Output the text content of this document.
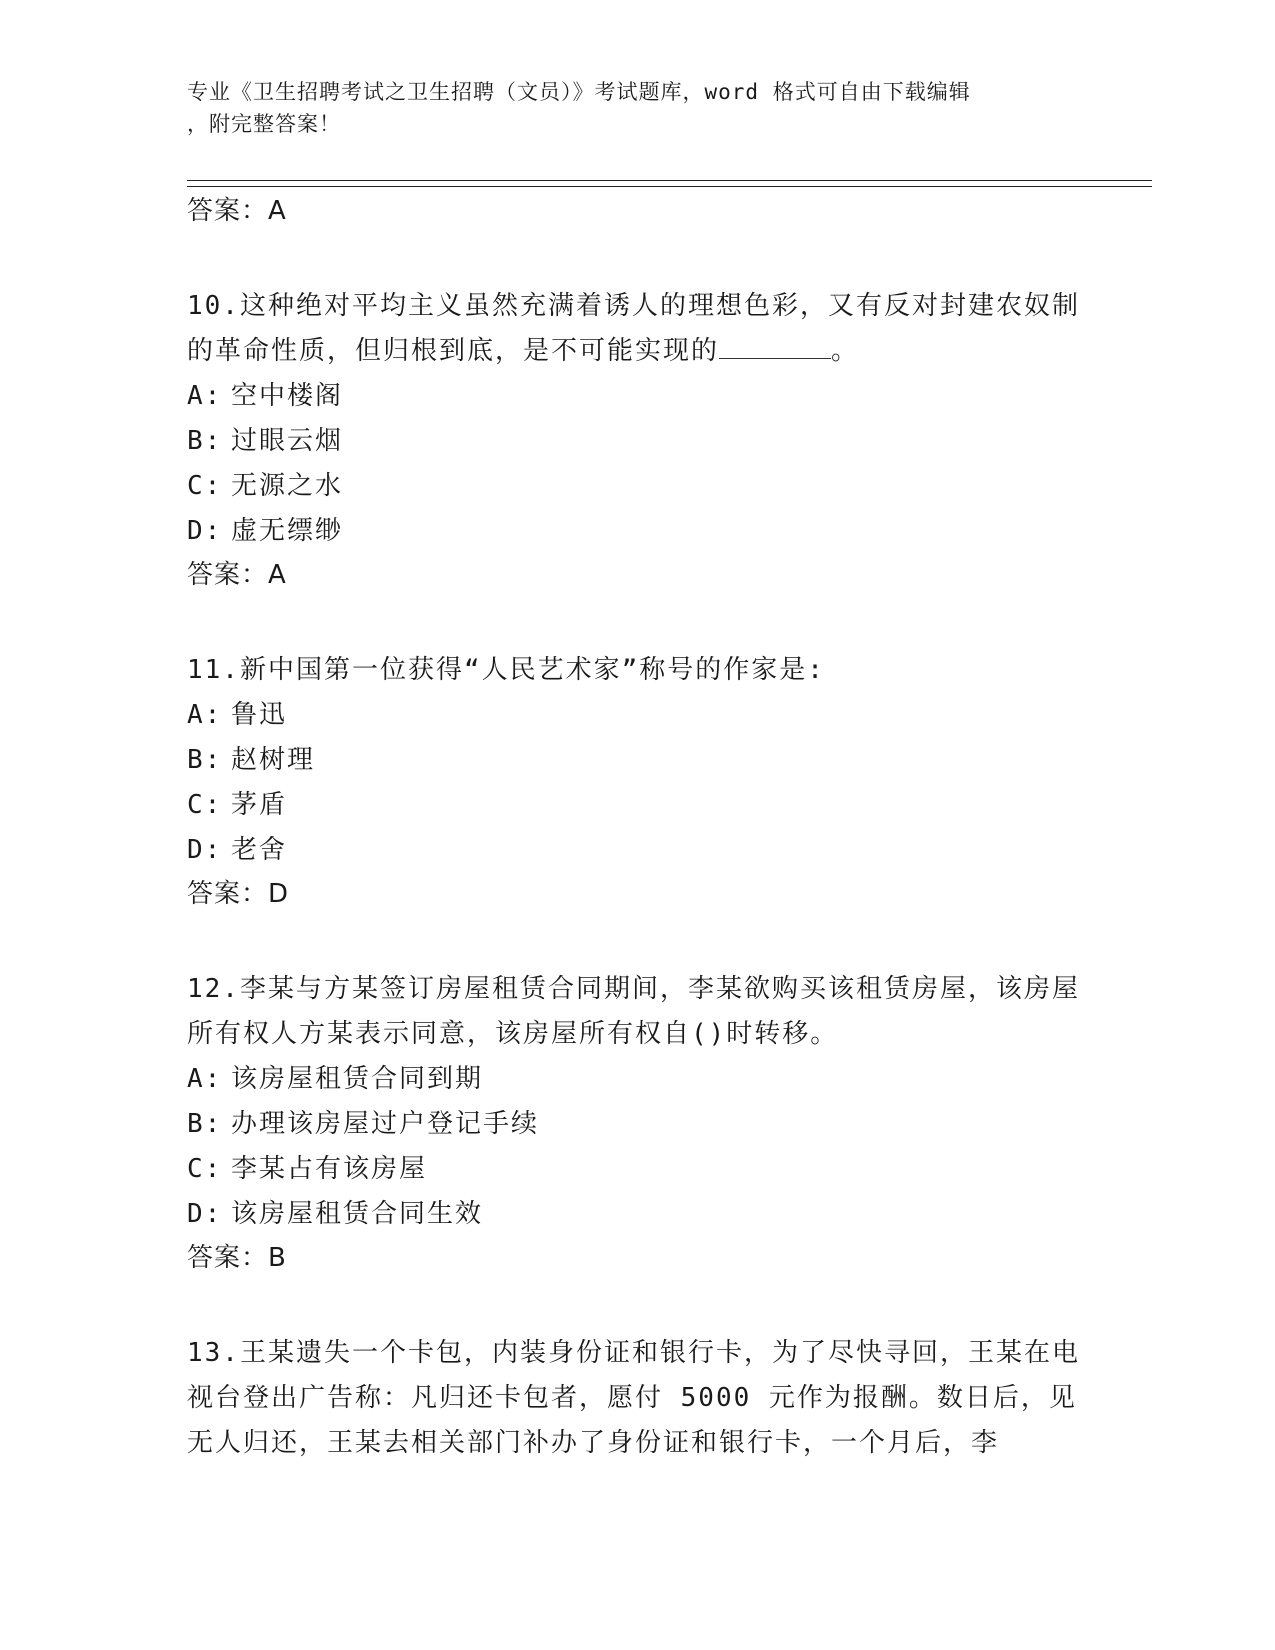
专业《卫生招聘考试之卫生招聘（文员）》考试题库，word 格式可自由下载编辑
，附完整答案！

答案：A

10.这种绝对平均主义虽然充满着诱人的理想色彩，又有反对封建农奴制的革命性质，但归根到底，是不可能实现的	。

A: 空中楼阁

B: 过眼云烟

C: 无源之水

D: 虚无缥缈

答案：A

11.新中国第一位获得“人民艺术家”称号的作家是:

A: 鲁迅

B: 赵树理

C: 茅盾

D: 老舍

答案：D

12.李某与方某签订房屋租赁合同期间，李某欲购买该租赁房屋，该房屋所有权人方某表示同意，该房屋所有权自()时转移。

A: 该房屋租赁合同到期

B: 办理该房屋过户登记手续

C: 李某占有该房屋

D: 该房屋租赁合同生效

答案：B

13.王某遗失一个卡包，内装身份证和银行卡，为了尽快寻回，王某在电视台登出广告称：凡归还卡包者，愿付 5000 元作为报酬。数日后，见无人归还，王某去相关部门补办了身份证和银行卡，一个月后，李
